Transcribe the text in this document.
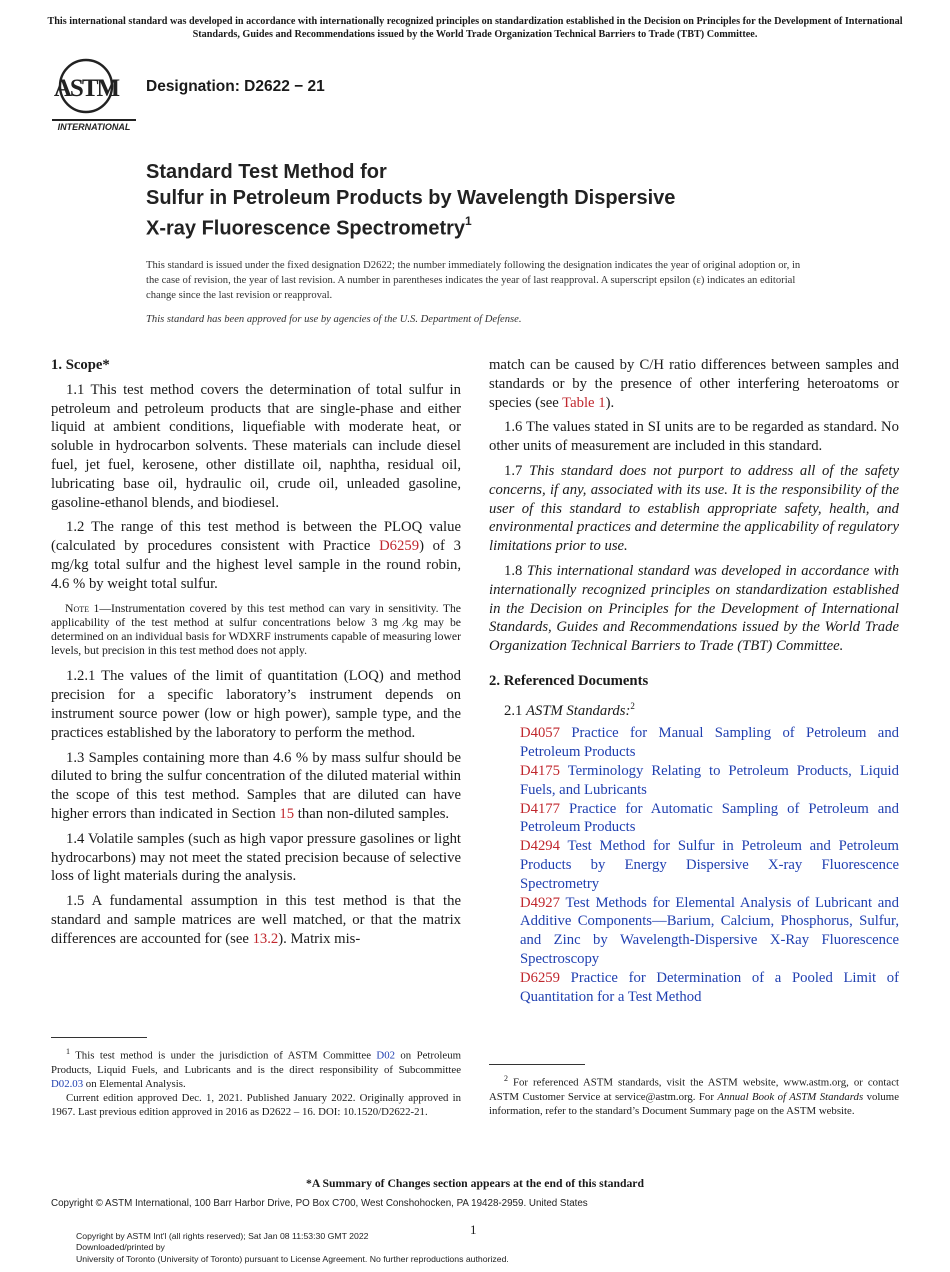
This international standard was developed in accordance with internationally recognized principles on standardization established in the Decision on Principles for the Development of International Standards, Guides and Recommendations issued by the World Trade Organization Technical Barriers to Trade (TBT) Committee.
ASTM
INTERNATIONAL
Designation: D2622 − 21
Standard Test Method for
Sulfur in Petroleum Products by Wavelength Dispersive
X-ray Fluorescence Spectrometry$^1$
This standard is issued under the fixed designation D2622; the number immediately following the designation indicates the year of original adoption or, in the case of revision, the year of last revision. A number in parentheses indicates the year of last reapproval. A superscript epsilon (ε) indicates an editorial change since the last revision or reapproval.
This standard has been approved for use by agencies of the U.S. Department of Defense.

1. Scope*

1.1 This test method covers the determination of total sulfur in petroleum and petroleum products that are single-phase and either liquid at ambient conditions, liquefiable with moderate heat, or soluble in hydrocarbon solvents. These materials can include diesel fuel, jet fuel, kerosene, other distillate oil, naphtha, residual oil, lubricating base oil, hydraulic oil, crude oil, unleaded gasoline, gasoline-ethanol blends, and biodiesel.

1.2 The range of this test method is between the PLOQ value (calculated by procedures consistent with Practice D6259) of 3 mg/kg total sulfur and the highest level sample in the round robin, 4.6 % by weight total sulfur.

Note 1—Instrumentation covered by this test method can vary in sensitivity. The applicability of the test method at sulfur concentrations below 3 mg ⁄kg may be determined on an individual basis for WDXRF instruments capable of measuring lower levels, but precision in this test method does not apply.

1.2.1 The values of the limit of quantitation (LOQ) and method precision for a specific laboratory’s instrument depends on instrument source power (low or high power), sample type, and the practices established by the laboratory to perform the method.

1.3 Samples containing more than 4.6 % by mass sulfur should be diluted to bring the sulfur concentration of the diluted material within the scope of this test method. Samples that are diluted can have higher errors than indicated in Section 15 than non-diluted samples.

1.4 Volatile samples (such as high vapor pressure gasolines or light hydrocarbons) may not meet the stated precision because of selective loss of light materials during the analysis.

1.5 A fundamental assumption in this test method is that the standard and sample matrices are well matched, or that the matrix differences are accounted for (see 13.2). Matrix mis-

match can be caused by C/H ratio differences between samples and standards or by the presence of other interfering heteroatoms or species (see Table 1).

1.6 The values stated in SI units are to be regarded as standard. No other units of measurement are included in this standard.

1.7 This standard does not purport to address all of the safety concerns, if any, associated with its use. It is the responsibility of the user of this standard to establish appropriate safety, health, and environmental practices and determine the applicability of regulatory limitations prior to use.

1.8 This international standard was developed in accordance with internationally recognized principles on standardization established in the Decision on Principles for the Development of International Standards, Guides and Recommendations issued by the World Trade Organization Technical Barriers to Trade (TBT) Committee.

2. Referenced Documents

2.1 ASTM Standards:$^2$

D4057 Practice for Manual Sampling of Petroleum and Petroleum Products

D4175 Terminology Relating to Petroleum Products, Liquid Fuels, and Lubricants

D4177 Practice for Automatic Sampling of Petroleum and Petroleum Products

D4294 Test Method for Sulfur in Petroleum and Petroleum Products by Energy Dispersive X-ray Fluorescence Spectrometry

D4927 Test Methods for Elemental Analysis of Lubricant and Additive Components—Barium, Calcium, Phosphorus, Sulfur, and Zinc by Wavelength-Dispersive X-Ray Fluorescence Spectroscopy

D6259 Practice for Determination of a Pooled Limit of Quantitation for a Test Method

$^1$ This test method is under the jurisdiction of ASTM Committee D02 on Petroleum Products, Liquid Fuels, and Lubricants and is the direct responsibility of Subcommittee D02.03 on Elemental Analysis.
Current edition approved Dec. 1, 2021. Published January 2022. Originally approved in 1967. Last previous edition approved in 2016 as D2622 – 16. DOI: 10.1520/D2622-21.
$^2$ For referenced ASTM standards, visit the ASTM website, www.astm.org, or contact ASTM Customer Service at service@astm.org. For Annual Book of ASTM Standards volume information, refer to the standard’s Document Summary page on the ASTM website.
*A Summary of Changes section appears at the end of this standard
Copyright © ASTM International, 100 Barr Harbor Drive, PO Box C700, West Conshohocken, PA 19428-2959. United States
1
Copyright by ASTM Int'l (all rights reserved); Sat Jan 08 11:53:30 GMT 2022
Downloaded/printed by
University of Toronto (University of Toronto) pursuant to License Agreement. No further reproductions authorized.
